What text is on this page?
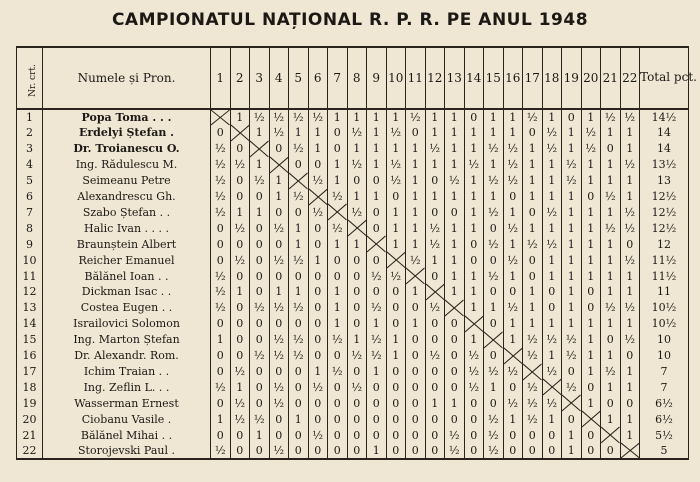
CAMPIONATUL NAȚIONAL R. P. R. PE ANUL 1948
Nr. crt.	Numele și Pron.	1	2	3	4	5	6	7	8	9	10	11	12	13	14	15	16	17	18	19	20	21	22	Total pct.
1	Popa Toma . . .		1	½	½	½	½	1	1	1	1	½	1	1	0	1	1	½	1	0	1	½	½	14½
2	Erdelyi Ștefan .	0		1	½	1	1	0	½	1	½	0	1	1	1	1	1	0	½	1	½	1	1	14
3	Dr. Troianescu O.	½	0		0	½	1	0	1	1	1	1	½	1	1	½	½	1	½	1	½	0	1	14
4	Ing. Rădulescu M.	½	½	1		0	0	1	½	1	½	1	1	1	½	1	½	1	1	½	1	1	½	13½
5	Seimeanu Petre	½	0	½	1		½	1	0	0	½	1	0	½	1	½	½	1	1	½	1	1	1	13
6	Alexandrescu Gh.	½	0	0	1	½		½	1	1	0	1	1	1	1	1	0	1	1	1	0	½	1	12½
7	Szabo Ștefan . .	½	1	1	0	0	½		½	0	1	1	0	0	1	½	1	0	½	1	1	1	½	12½
8	Halic Ivan . . . .	0	½	0	½	1	0	½		0	1	1	½	1	1	0	½	1	1	1	1	½	½	12½
9	Braunștein Albert	0	0	0	0	1	0	1	1		1	1	½	1	0	½	1	½	½	1	1	1	0	12
10	Reicher Emanuel	0	½	0	½	½	1	0	0	0		½	1	1	0	0	½	0	1	1	1	1	½	11½
11	Bălănel Ioan . .	½	0	0	0	0	0	0	0	½	½		0	1	1	½	1	0	1	1	1	1	1	11½
12	Dickman Isac . .	½	1	0	1	1	0	1	0	0	0	1		1	1	0	0	1	0	1	0	1	1	11
13	Costea Eugen . .	½	0	½	½	½	0	1	0	½	0	0	½		1	1	½	1	0	1	0	½	½	10½
14	Israilovici Solomon	0	0	0	0	0	0	1	0	1	0	1	0	0		0	1	1	1	1	1	1	1	10½
15	Ing. Marton Ștefan	1	0	0	½	½	0	½	1	½	1	0	0	0	1		1	½	½	½	1	0	½	10
16	Dr. Alexandr. Rom.	0	0	½	½	½	0	0	½	½	1	0	½	0	½	0		½	1	½	1	1	0	10
17	Ichim Traian . .	0	½	0	0	0	1	½	0	1	0	0	0	0	½	½	½		½	0	1	½	1	7
18	Ing. Zeflin L. . .	½	1	0	½	0	½	0	½	0	0	0	0	0	½	1	0	½		½	0	1	1	7
19	Wasserman Ernest	0	½	0	½	0	0	0	0	0	0	0	1	1	0	0	½	½	½		1	0	0	6½
20	Ciobanu Vasile .	1	½	½	0	1	0	0	0	0	0	0	0	0	0	½	1	½	1	0		1	1	6½
21	Bălănel Mihai . .	0	0	1	0	0	½	0	0	0	0	0	0	½	0	½	0	0	0	1	0		1	5½
22	Storojevski Paul .	½	0	0	½	0	0	0	0	1	0	0	0	½	0	½	0	0	0	1	0	0		5
